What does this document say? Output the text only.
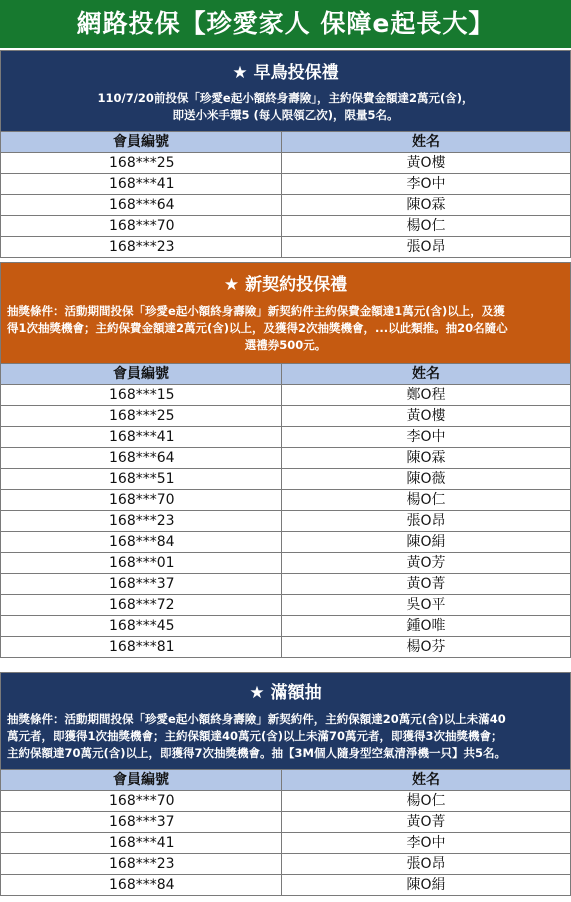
網路投保【珍愛家人 保障e起長大】
★ 早鳥投保禮
110/7/20前投保「珍愛e起小額終身壽險」，主約保費金額達2萬元(含)，
即送小米手環5 (每人限領乙次)，限量5名。
會員編號	姓名
168***25	黃O樓
168***41	李O中
168***64	陳O霖
168***70	楊O仁
168***23	張O昂
★ 新契約投保禮
抽獎條件：活動期間投保「珍愛e起小額終身壽險」新契約件主約保費金額達1萬元(含)以上，及獲
得1次抽獎機會；主約保費金額達2萬元(含)以上，及獲得2次抽獎機會，...以此類推。抽20名隨心
選禮券500元。
會員編號	姓名
168***15	鄭O程
168***25	黃O樓
168***41	李O中
168***64	陳O霖
168***51	陳O薇
168***70	楊O仁
168***23	張O昂
168***84	陳O絹
168***01	黃O芳
168***37	黃O菁
168***72	吳O平
168***45	鍾O唯
168***81	楊O芬
★ 滿額抽
抽獎條件：活動期間投保「珍愛e起小額終身壽險」新契約件，主約保額達20萬元(含)以上未滿40
萬元者，即獲得1次抽獎機會；主約保額達40萬元(含)以上未滿70萬元者，即獲得3次抽獎機會；
主約保額達70萬元(含)以上，即獲得7次抽獎機會。抽【3M個人隨身型空氣清淨機一只】共5名。
會員編號	姓名
168***70	楊O仁
168***37	黃O菁
168***41	李O中
168***23	張O昂
168***84	陳O絹
